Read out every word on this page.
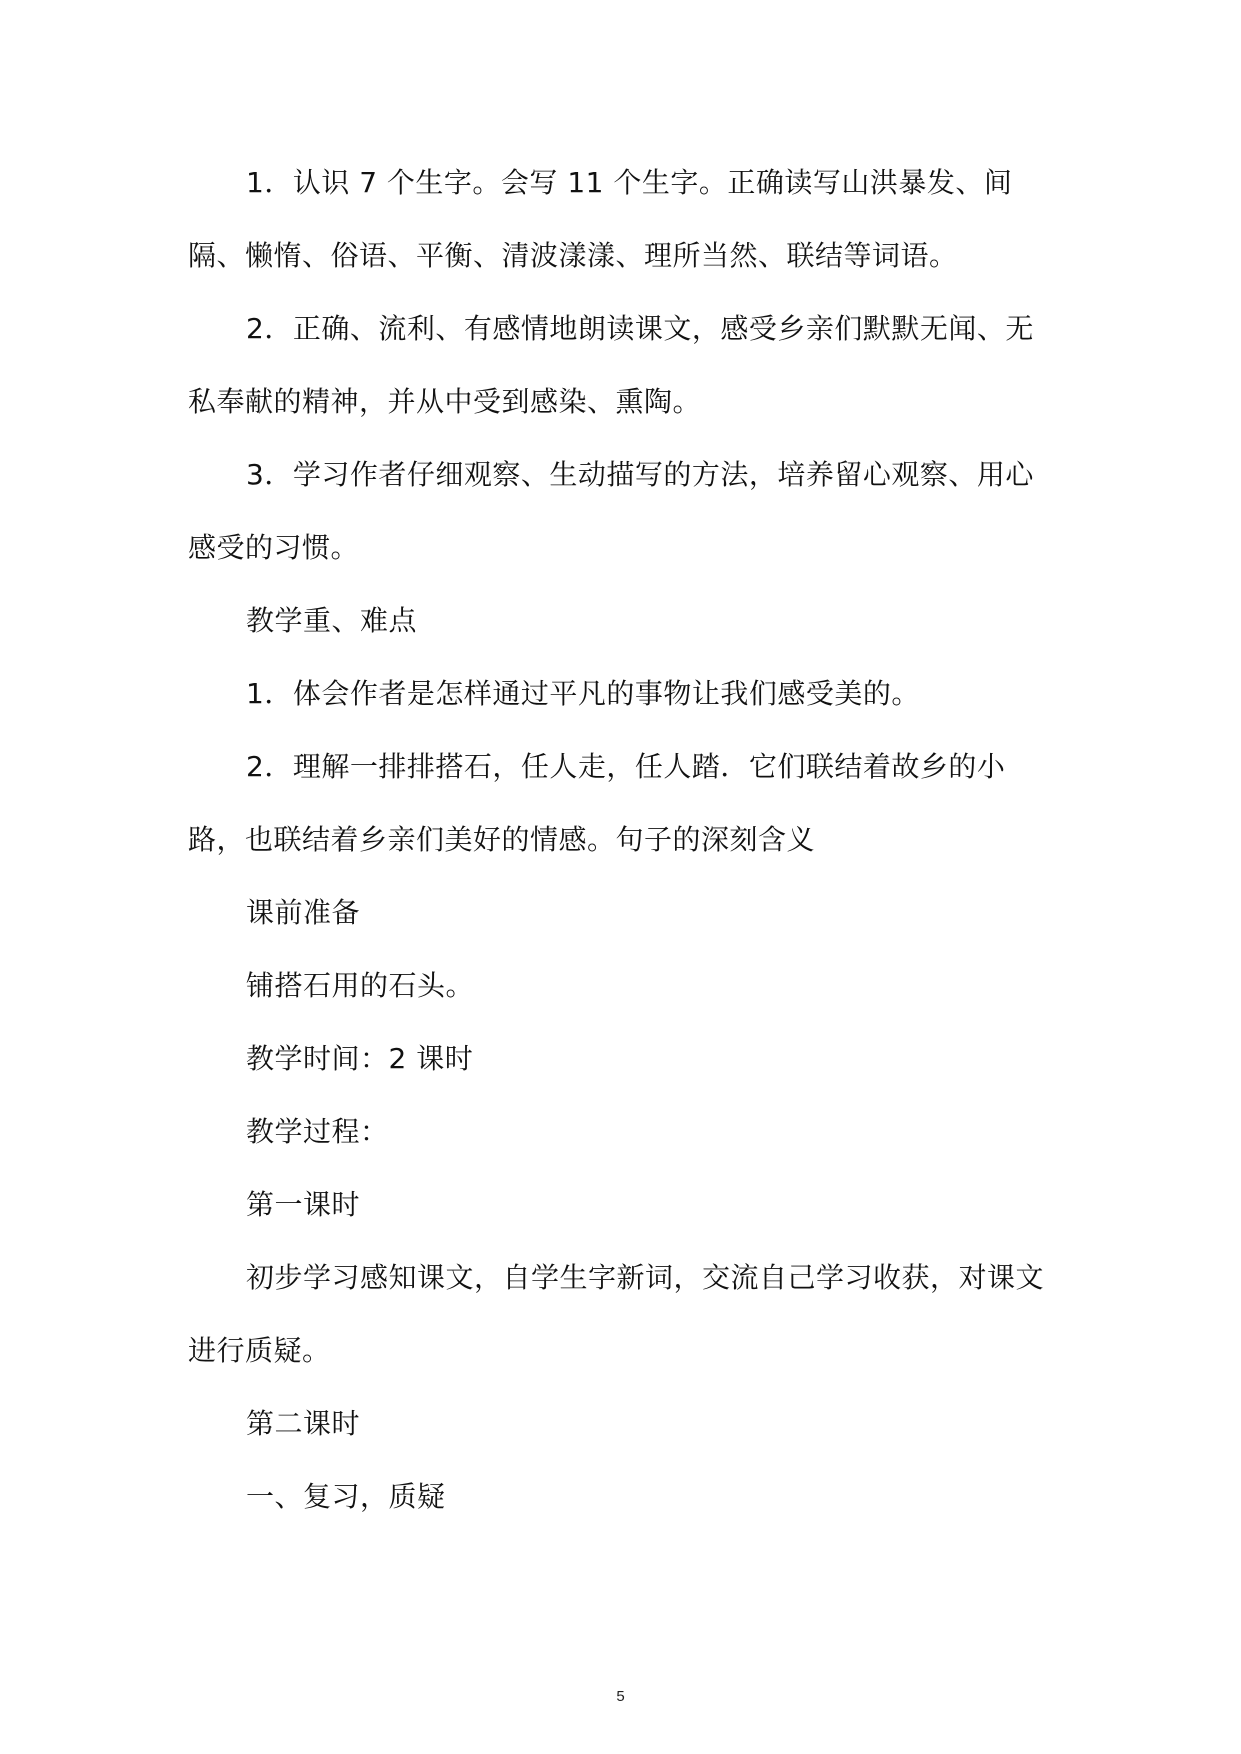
1．认识 7 个生字。会写 11 个生字。正确读写山洪暴发、间隔、懒惰、俗语、平衡、清波漾漾、理所当然、联结等词语。

2．正确、流利、有感情地朗读课文，感受乡亲们默默无闻、无私奉献的精神，并从中受到感染、熏陶。

3．学习作者仔细观察、生动描写的方法，培养留心观察、用心感受的习惯。

教学重、难点

1．体会作者是怎样通过平凡的事物让我们感受美的。

2．理解一排排搭石，任人走，任人踏．它们联结着故乡的小路，也联结着乡亲们美好的情感。句子的深刻含义

课前准备

铺搭石用的石头。

教学时间：2 课时

教学过程：

第一课时

初步学习感知课文，自学生字新词，交流自己学习收获，对课文进行质疑。

第二课时

一、复习，质疑

5
